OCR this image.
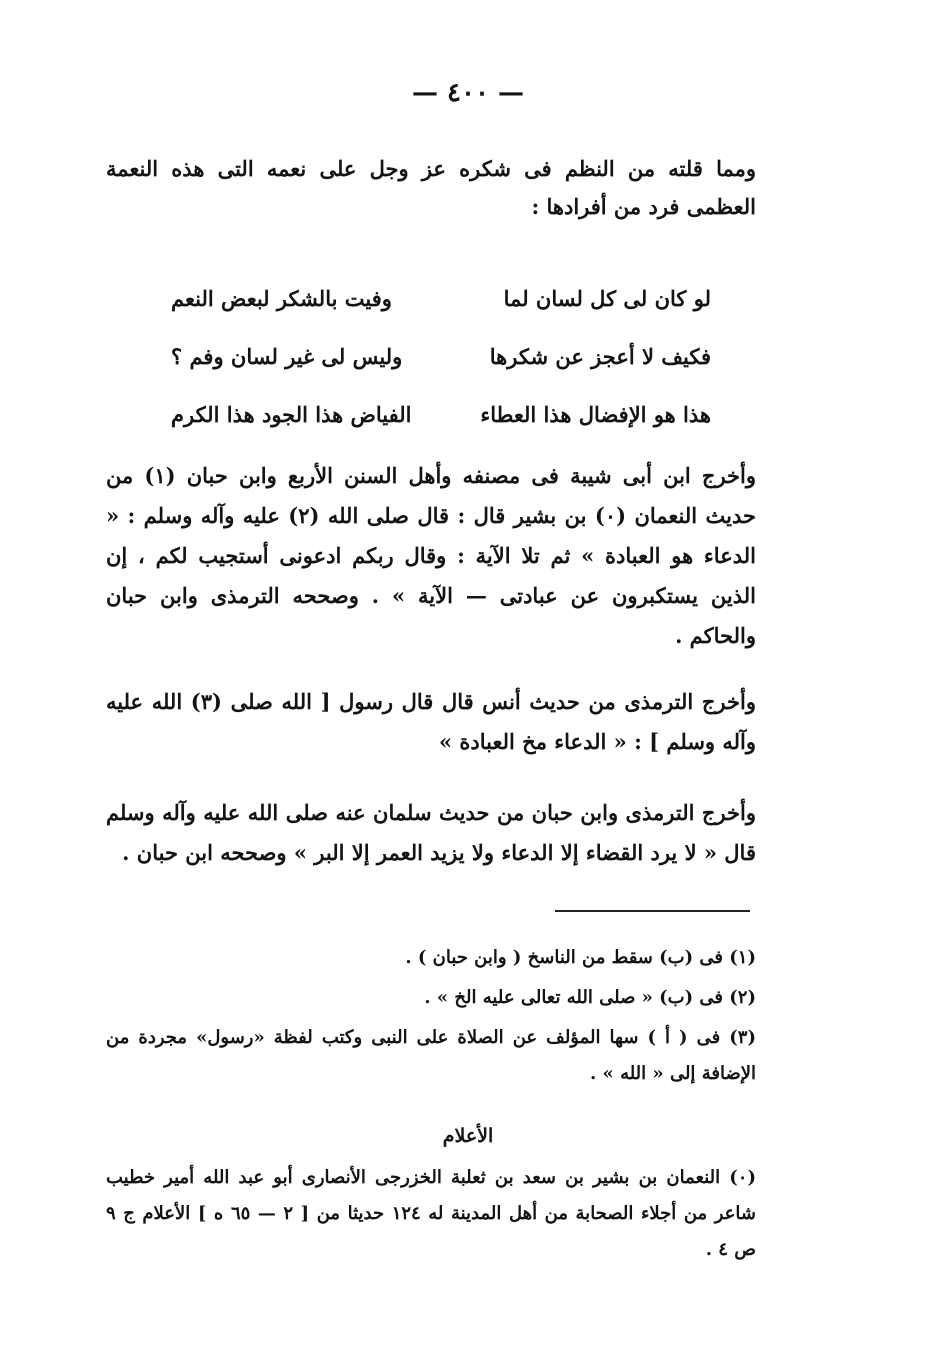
— ٤٠٠ —
ومما قلته من النظم فى شكره عز وجل على نعمه التى هذه النعمة العظمى فرد من أفرادها :
لو كان لى كل لسان لما
وفيت بالشكر لبعض النعم
فكيف لا أعجز عن شكرها
وليس لى غير لسان وفم ؟
هذا هو الإفضال هذا العطاء
الفياض هذا الجود هذا الكرم
وأخرج ابن أبى شيبة فى مصنفه وأهل السنن الأربع وابن حبان (١) من حديث النعمان (٠) بن بشير قال : قال صلى الله (٢) عليه وآله وسلم : « الدعاء هو العبادة » ثم تلا الآية : وقال ربكم ادعونى أستجيب لكم ، إن الذين يستكبرون عن عبادتى — الآية » . وصححه الترمذى وابن حبان والحاكم .
وأخرج الترمذى من حديث أنس قال قال رسول [ الله صلى (٣) الله عليه وآله وسلم ] : « الدعاء مخ العبادة »
وأخرج الترمذى وابن حبان من حديث سلمان عنه صلى الله عليه وآله وسلم قال « لا يرد القضاء إلا الدعاء ولا يزيد العمر إلا البر » وصححه ابن حبان .
(١) فى (ب) سقط من الناسخ ( وابن حبان ) .
(٢) فى (ب) « صلى الله تعالى عليه الخ » .
(٣) فى ( أ ) سها المؤلف عن الصلاة على النبى وكتب لفظة «رسول» مجردة من الإضافة إلى « الله » .
الأعلام
(٠) النعمان بن بشير بن سعد بن ثعلبة الخزرجى الأنصارى أبو عبد الله أمير خطيب شاعر من أجلاء الصحابة من أهل المدينة له ١٢٤ حديثا من [ ٢ — ٦٥ ه ] الأعلام ج ٩ ص ٤ .
